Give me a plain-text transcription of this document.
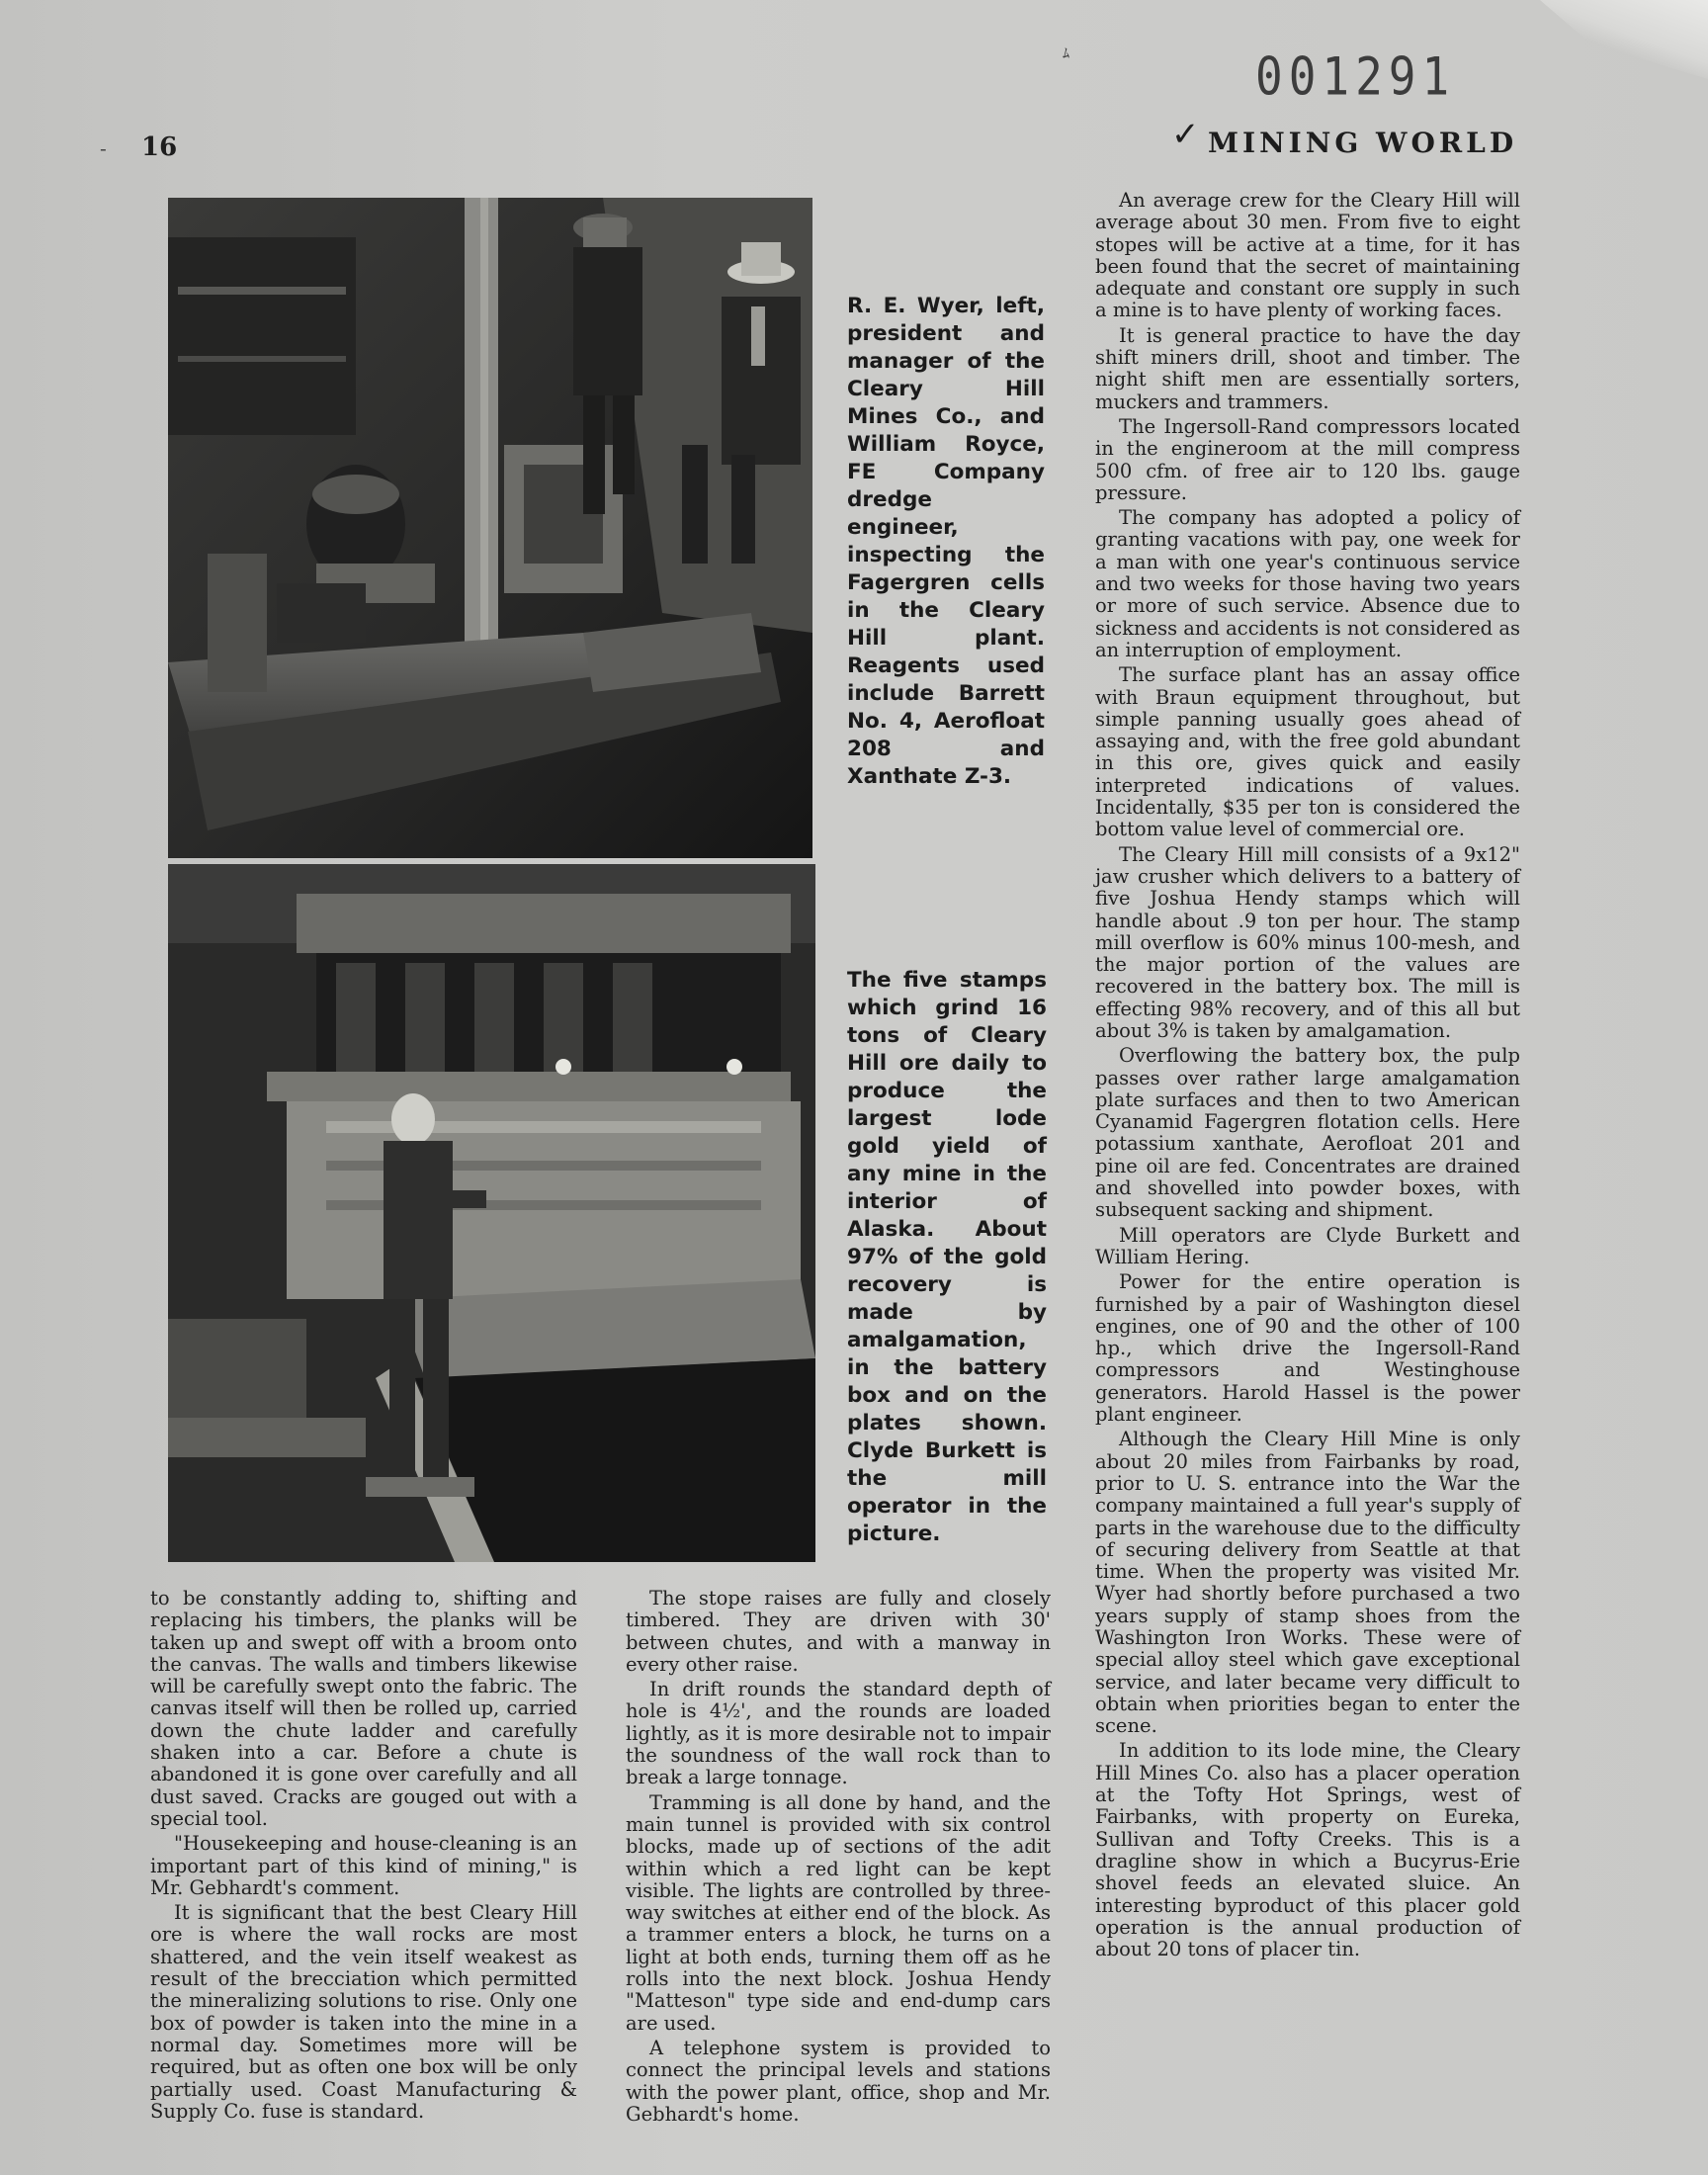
ﾑ	001291
- 16	✓ MINING WORLD
R. E. Wyer, left, president and manager of the Cleary Hill Mines Co., and William Royce, FE Company dredge engineer, inspecting the Fagergren cells in the Cleary Hill plant. Reagents used include Barrett No. 4, Aerofloat 208 and Xanthate Z-3.
The five stamps which grind 16 tons of Cleary Hill ore daily to produce the largest lode gold yield of any mine in the interior of Alaska. About 97% of the gold recovery is made by amalgamation, in the battery box and on the plates shown. Clyde Burkett is the mill operator in the picture.

An average crew for the Cleary Hill will average about 30 men. From five to eight stopes will be active at a time, for it has been found that the secret of maintaining adequate and constant ore supply in such a mine is to have plenty of working faces.

It is general practice to have the day shift miners drill, shoot and timber. The night shift men are essentially sorters, muckers and trammers.

The Ingersoll-Rand compressors located in the engineroom at the mill compress 500 cfm. of free air to 120 lbs. gauge pressure.

The company has adopted a policy of granting vacations with pay, one week for a man with one year's continuous service and two weeks for those having two years or more of such service. Absence due to sickness and accidents is not considered as an interruption of employment.

The surface plant has an assay office with Braun equipment throughout, but simple panning usually goes ahead of assaying and, with the free gold abundant in this ore, gives quick and easily interpreted indications of values. Incidentally, $35 per ton is considered the bottom value level of commercial ore.

The Cleary Hill mill consists of a 9x12" jaw crusher which delivers to a battery of five Joshua Hendy stamps which will handle about .9 ton per hour. The stamp mill overflow is 60% minus 100-mesh, and the major portion of the values are recovered in the battery box. The mill is effecting 98% recovery, and of this all but about 3% is taken by amalgamation.

Overflowing the battery box, the pulp passes over rather large amalgamation plate surfaces and then to two American Cyanamid Fagergren flotation cells. Here potassium xanthate, Aerofloat 201 and pine oil are fed. Concentrates are drained and shovelled into powder boxes, with subsequent sacking and shipment.

Mill operators are Clyde Burkett and William Hering.

Power for the entire operation is furnished by a pair of Washington diesel engines, one of 90 and the other of 100 hp., which drive the Ingersoll-Rand compressors and Westinghouse generators. Harold Hassel is the power plant engineer.

Although the Cleary Hill Mine is only about 20 miles from Fairbanks by road, prior to U. S. entrance into the War the company maintained a full year's supply of parts in the warehouse due to the difficulty of securing delivery from Seattle at that time. When the property was visited Mr. Wyer had shortly before purchased a two years supply of stamp shoes from the Washington Iron Works. These were of special alloy steel which gave exceptional service, and later became very difficult to obtain when priorities began to enter the scene.

In addition to its lode mine, the Cleary Hill Mines Co. also has a placer operation at the Tofty Hot Springs, west of Fairbanks, with property on Eureka, Sullivan and Tofty Creeks. This is a dragline show in which a Bucyrus-Erie shovel feeds an elevated sluice. An interesting byproduct of this placer gold operation is the annual production of about 20 tons of placer tin.

to be constantly adding to, shifting and replacing his timbers, the planks will be taken up and swept off with a broom onto the canvas. The walls and timbers likewise will be carefully swept onto the fabric. The canvas itself will then be rolled up, carried down the chute ladder and carefully shaken into a car. Before a chute is abandoned it is gone over carefully and all dust saved. Cracks are gouged out with a special tool.

"Housekeeping and house-cleaning is an important part of this kind of mining," is Mr. Gebhardt's comment.

It is significant that the best Cleary Hill ore is where the wall rocks are most shattered, and the vein itself weakest as result of the brecciation which permitted the mineralizing solutions to rise. Only one box of powder is taken into the mine in a normal day. Sometimes more will be required, but as often one box will be only partially used. Coast Manufacturing & Supply Co. fuse is standard.

The stope raises are fully and closely timbered. They are driven with 30' between chutes, and with a manway in every other raise.

In drift rounds the standard depth of hole is 4½', and the rounds are loaded lightly, as it is more desirable not to impair the soundness of the wall rock than to break a large tonnage.

Tramming is all done by hand, and the main tunnel is provided with six control blocks, made up of sections of the adit within which a red light can be kept visible. The lights are controlled by three-way switches at either end of the block. As a trammer enters a block, he turns on a light at both ends, turning them off as he rolls into the next block. Joshua Hendy "Matteson" type side and end-dump cars are used.

A telephone system is provided to connect the principal levels and stations with the power plant, office, shop and Mr. Gebhardt's home.
